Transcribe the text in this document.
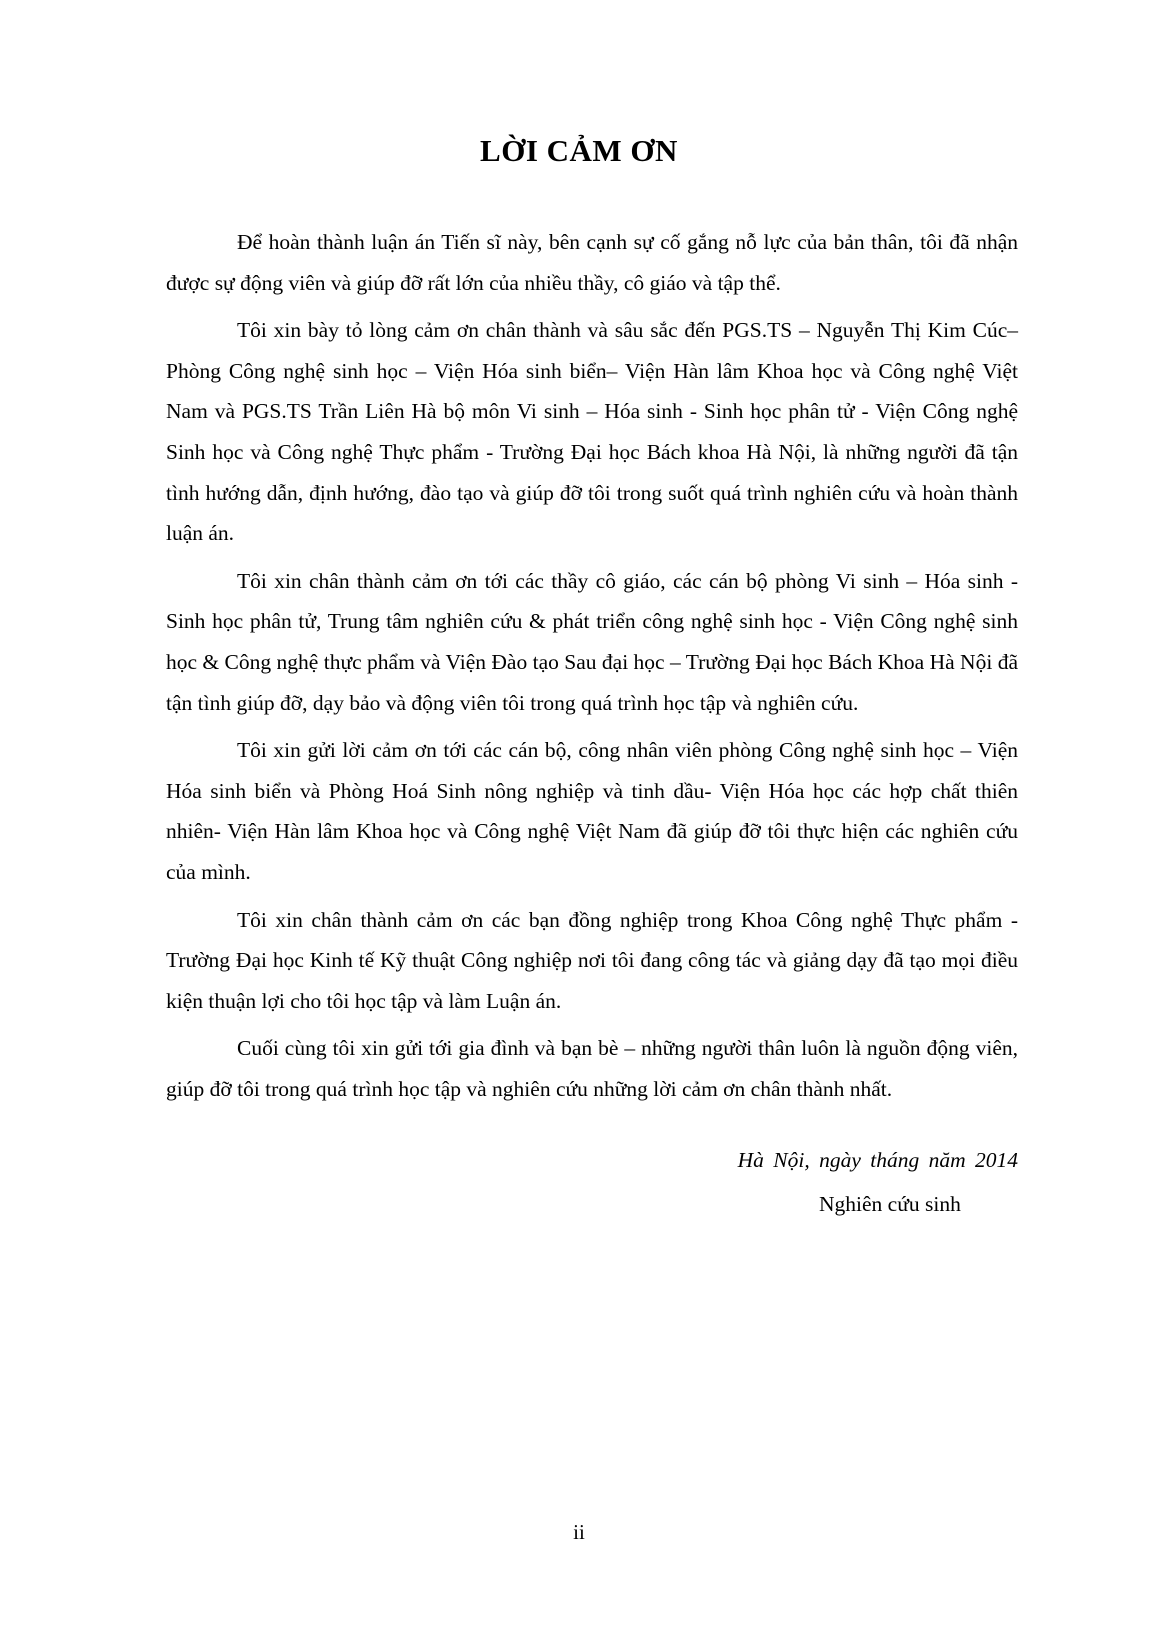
LỜI CẢM ƠN

Để hoàn thành luận án Tiến sĩ này, bên cạnh sự cố gắng nỗ lực của bản thân, tôi đã nhận được sự động viên và giúp đỡ rất lớn của nhiều thầy, cô giáo và tập thể.

Tôi xin bày tỏ lòng cảm ơn chân thành và sâu sắc đến PGS.TS – Nguyễn Thị Kim Cúc– Phòng Công nghệ sinh học – Viện Hóa sinh biển– Viện Hàn lâm Khoa học và Công nghệ Việt Nam và PGS.TS Trần Liên Hà bộ môn Vi sinh – Hóa sinh - Sinh học phân tử - Viện Công nghệ Sinh học và Công nghệ Thực phẩm - Trường Đại học Bách khoa Hà Nội, là những người đã tận tình hướng dẫn, định hướng, đào tạo và giúp đỡ tôi trong suốt quá trình nghiên cứu và hoàn thành luận án.

Tôi xin chân thành cảm ơn tới các thầy cô giáo, các cán bộ phòng Vi sinh – Hóa sinh - Sinh học phân tử, Trung tâm nghiên cứu & phát triển công nghệ sinh học - Viện Công nghệ sinh học & Công nghệ thực phẩm và Viện Đào tạo Sau đại học – Trường Đại học Bách Khoa Hà Nội đã tận tình giúp đỡ, dạy bảo và động viên tôi trong quá trình học tập và nghiên cứu.

Tôi xin gửi lời cảm ơn tới các cán bộ, công nhân viên phòng Công nghệ sinh học – Viện Hóa sinh biển và Phòng Hoá Sinh nông nghiệp và tinh dầu- Viện Hóa học các hợp chất thiên nhiên- Viện Hàn lâm Khoa học và Công nghệ Việt Nam đã giúp đỡ tôi thực hiện các nghiên cứu của mình.

Tôi xin chân thành cảm ơn các bạn đồng nghiệp trong Khoa Công nghệ Thực phẩm - Trường Đại học Kinh tế Kỹ thuật Công nghiệp nơi tôi đang công tác và giảng dạy đã tạo mọi điều kiện thuận lợi cho tôi học tập và làm Luận án.

Cuối cùng tôi xin gửi tới gia đình và bạn bè – những người thân luôn là nguồn động viên, giúp đỡ tôi trong quá trình học tập và nghiên cứu những lời cảm ơn chân thành nhất.

Hà Nội, ngày tháng năm 2014
Nghiên cứu sinh
ii
